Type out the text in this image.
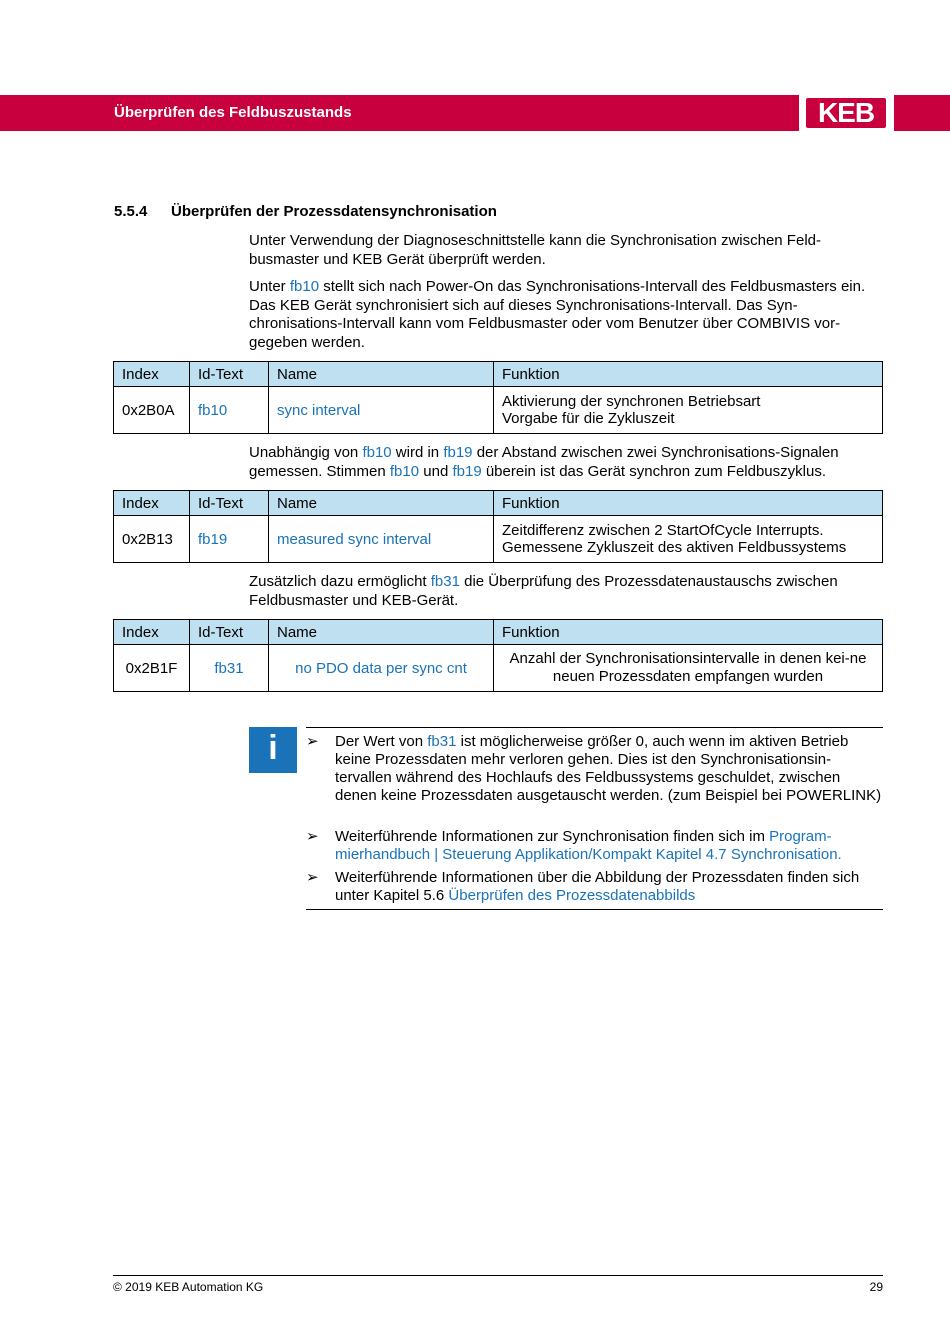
Überprüfen des Feldbuszustands	KEB
5.5.4 Überprüfen der Prozessdatensynchronisation
Unter Verwendung der Diagnoseschnittstelle kann die Synchronisation zwischen Feld-busmaster und KEB Gerät überprüft werden.
Unter fb10 stellt sich nach Power-On das Synchronisations-Intervall des Feldbusmasters ein. Das KEB Gerät synchronisiert sich auf dieses Synchronisations-Intervall. Das Syn-chronisations-Intervall kann vom Feldbusmaster oder vom Benutzer über COMBIVIS vor-gegeben werden.
Index	Id-Text	Name	Funktion
0x2B0A	fb10	sync interval	Aktivierung der synchronen Betriebsart
Vorgabe für die Zykluszeit
Unabhängig von fb10 wird in fb19 der Abstand zwischen zwei Synchronisations-Signalen gemessen. Stimmen fb10 und fb19 überein ist das Gerät synchron zum Feldbuszyklus.
Index	Id-Text	Name	Funktion
0x2B13	fb19	measured sync interval	Zeitdifferenz zwischen 2 StartOfCycle Interrupts.
Gemessene Zykluszeit des aktiven Feldbussystems
Zusätzlich dazu ermöglicht fb31 die Überprüfung des Prozessdatenaustauschs zwischen Feldbusmaster und KEB-Gerät.
Index	Id-Text	Name	Funktion
0x2B1F	fb31	no PDO data per sync cnt	Anzahl der Synchronisationsintervalle in denen kei-ne neuen Prozessdaten empfangen wurden
i	➢	Der Wert von fb31 ist möglicherweise größer 0, auch wenn im aktiven Betrieb keine Prozessdaten mehr verloren gehen. Dies ist den Synchronisationsin-tervallen während des Hochlaufs des Feldbussystems geschuldet, zwischen denen keine Prozessdaten ausgetauscht werden. (zum Beispiel bei POWERLINK)
➢	Weiterführende Informationen zur Synchronisation finden sich im Program-mierhandbuch | Steuerung Applikation/Kompakt Kapitel 4.7 Synchronisation.
➢	Weiterführende Informationen über die Abbildung der Prozessdaten finden sich unter Kapitel 5.6 Überprüfen des Prozessdatenabbilds
© 2019 KEB Automation KG	29
